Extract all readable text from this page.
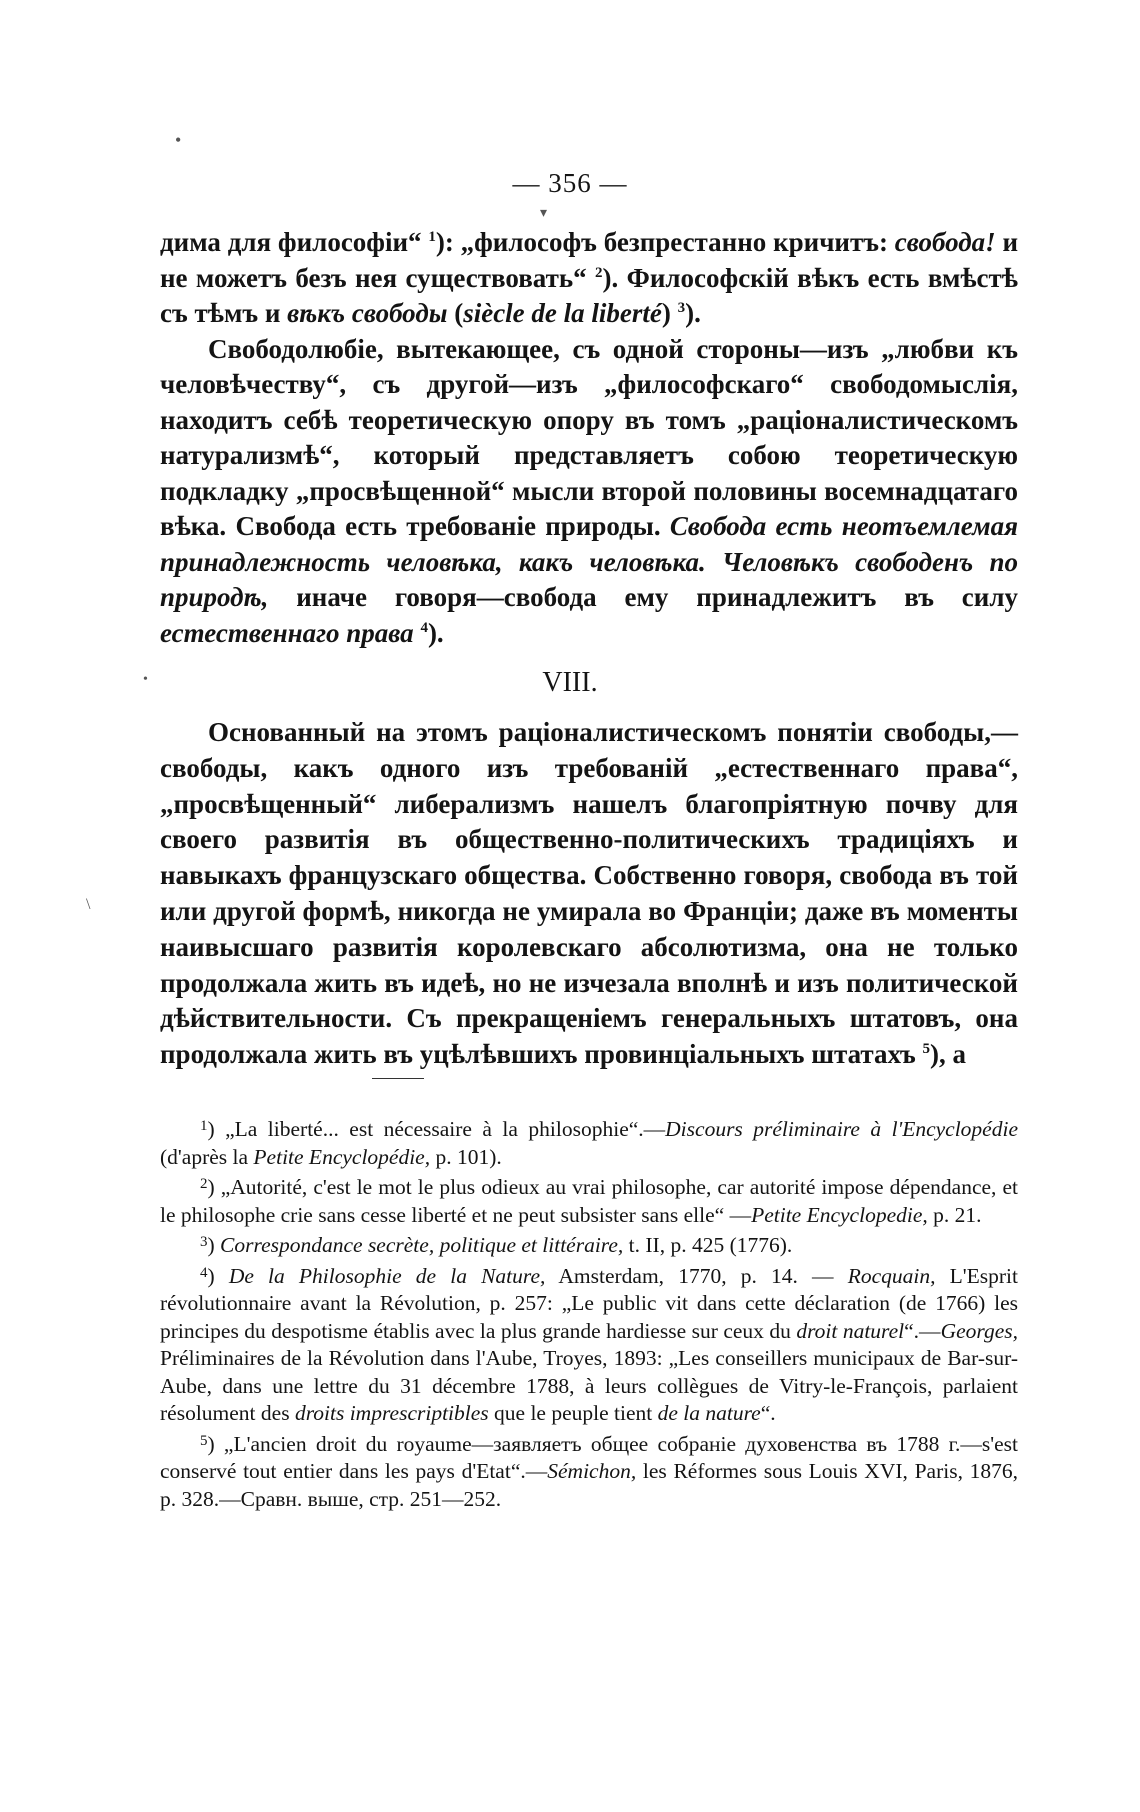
•
▾
•
\
— 356 —

дима для философіи“ $^1$): „философъ безпрестанно кричитъ: свобода! и не можетъ безъ нея существовать“ $^2$). Философскій вѣкъ есть вмѣстѣ съ тѣмъ и вѣкъ свободы (siècle de la liberté) $^3$).

Свободолюбіе, вытекающее, съ одной стороны—изъ „любви къ человѣчеству“, съ другой—изъ „философскаго“ свободомыслія, находитъ себѣ теоретическую опору въ томъ „раціоналистическомъ натурализмѣ“, который представляетъ собою теоретическую подкладку „просвѣщенной“ мысли второй половины восемнадцатаго вѣка. Свобода есть требованіе природы. Свобода есть неотъемлемая принадлежность человѣка, какъ человѣка. Человѣкъ свободенъ по природѣ, иначе говоря—свобода ему принадлежитъ въ силу естественнаго права $^4$).

VIII.

Основанный на этомъ раціоналистическомъ понятіи свободы,—свободы, какъ одного изъ требованій „естественнаго права“, „просвѣщенный“ либерализмъ нашелъ благопріятную почву для своего развитія въ общественно-политическихъ традиціяхъ и навыкахъ французскаго общества. Собственно говоря, свобода въ той или другой формѣ, никогда не умирала во Франціи; даже въ моменты наивысшаго развитія королевскаго абсолютизма, она не только продолжала жить въ идеѣ, но не изчезала вполнѣ и изъ политической дѣйствительности. Съ прекращеніемъ генеральныхъ штатовъ, она продолжала жить въ уцѣлѣвшихъ провинціальныхъ штатахъ $^5$), а

$^1$) „La liberté... est nécessaire à la philosophie“.—Discours préliminaire à l'Encyclopédie (d'après la Petite Encyclopédie, p. 101).

$^2$) „Autorité, c'est le mot le plus odieux au vrai philosophe, car autorité impose dépendance, et le philosophe crie sans cesse liberté et ne peut subsister sans elle“ —Petite Encyclopedie, p. 21.

$^3$) Correspondance secrète, politique et littéraire, t. II, p. 425 (1776).

$^4$) De la Philosophie de la Nature, Amsterdam, 1770, p. 14. — Rocquain, L'Esprit révolutionnaire avant la Révolution, p. 257: „Le public vit dans cette déclaration (de 1766) les principes du despotisme établis avec la plus grande hardiesse sur ceux du droit naturel“.—Georges, Préliminaires de la Révolution dans l'Aube, Troyes, 1893: „Les conseillers municipaux de Bar-sur-Aube, dans une lettre du 31 décembre 1788, à leurs collègues de Vitry-le-François, parlaient résolument des droits imprescriptibles que le peuple tient de la nature“.

$^5$) „L'ancien droit du royaume—заявляетъ общее собраніе духовенства въ 1788 г.—s'est conservé tout entier dans les pays d'Etat“.—Sémichon, les Réformes sous Louis XVI, Paris, 1876, p. 328.—Сравн. выше, стр. 251—252.
